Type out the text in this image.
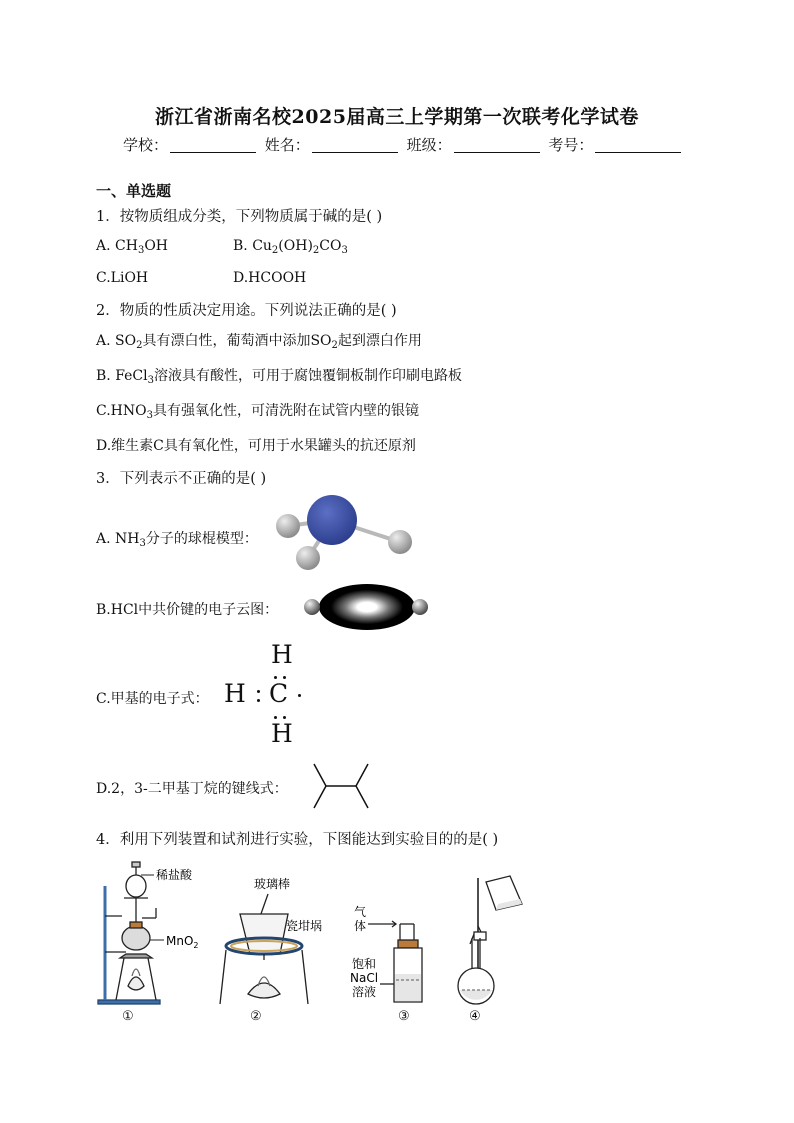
浙江省浙南名校2025届高三上学期第一次联考化学试卷
学校：	姓名：	班级：	考号：
一、单选题
1．按物质组成分类，下列物质属于碱的是( )
A. $CH_3OH$	B. $Cu_2(OH)_2CO_3$
C.LiOH	D.HCOOH
2．物质的性质决定用途。下列说法正确的是( )
A. $SO_2$具有漂白性，葡萄酒中添加$SO_2$起到漂白作用
B. FeCl$_3$溶液具有酸性，可用于腐蚀覆铜板制作印刷电路板
$C.HNO_3$具有强氧化性，可清洗附在试管内壁的银镜
D.维生素C具有氧化性，可用于水果罐头的抗还原剂
3．下列表示不正确的是( )
A. $NH_3$分子的球棍模型：
B.HCl中共价键的电子云图：
C.甲基的电子式：
H
H C
H
D.2，3-二甲基丁烷的键线式：
4．利用下列装置和试剂进行实验，下图能达到实验目的的是( )
稀盐酸
MnO$_2$
①
玻璃棒
瓷坩埚
②
气
体
饱和
NaCl
溶液
③	④
